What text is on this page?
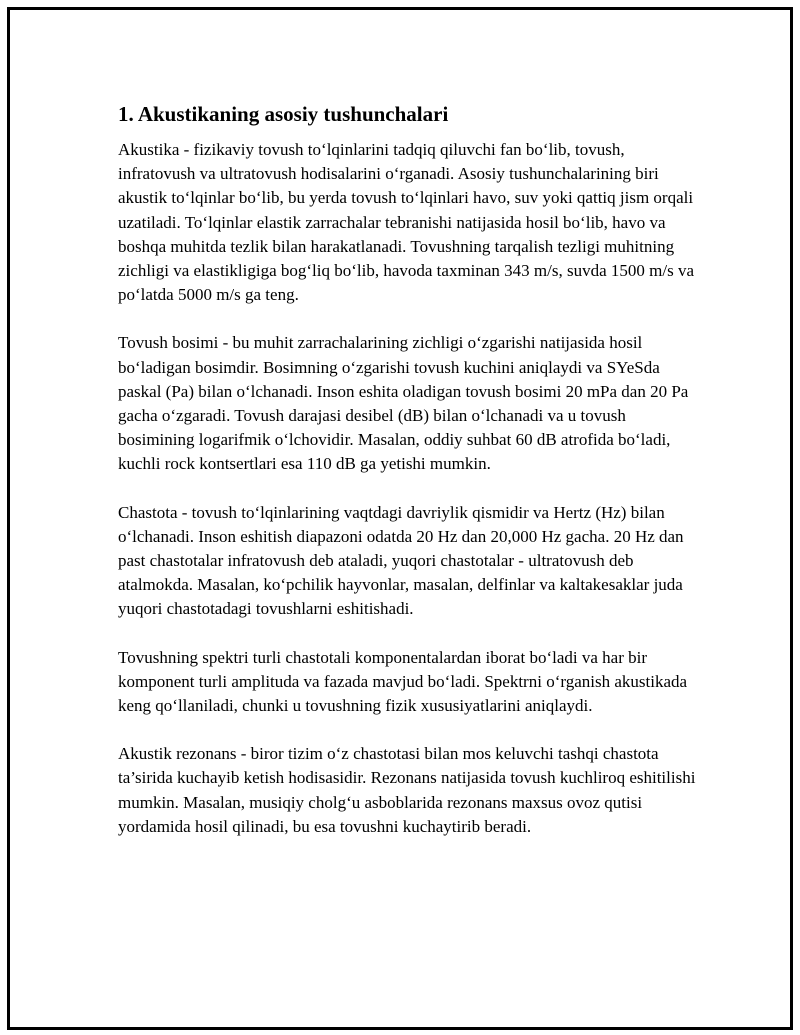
1. Akustikaning asosiy tushunchalari

Akustika - fizikaviy tovush to‘lqinlarini tadqiq qiluvchi fan bo‘lib, tovush, infratovush va ultratovush hodisalarini o‘rganadi. Asosiy tushunchalarining biri akustik to‘lqinlar bo‘lib, bu yerda tovush to‘lqinlari havo, suv yoki qattiq jism orqali uzatiladi. To‘lqinlar elastik zarrachalar tebranishi natijasida hosil bo‘lib, havo va boshqa muhitda tezlik bilan harakatlanadi. Tovushning tarqalish tezligi muhitning zichligi va elastikligiga bog‘liq bo‘lib, havoda taxminan 343 m/s, suvda 1500 m/s va po‘latda 5000 m/s ga teng.

Tovush bosimi - bu muhit zarrachalarining zichligi o‘zgarishi natijasida hosil bo‘ladigan bosimdir. Bosimning o‘zgarishi tovush kuchini aniqlaydi va SYeSda paskal (Pa) bilan o‘lchanadi. Inson eshita oladigan tovush bosimi 20 mPa dan 20 Pa gacha o‘zgaradi. Tovush darajasi desibel (dB) bilan o‘lchanadi va u tovush bosimining logarifmik o‘lchovidir. Masalan, oddiy suhbat 60 dB atrofida bo‘ladi, kuchli rock kontsertlari esa 110 dB ga yetishi mumkin.

Chastota - tovush to‘lqinlarining vaqtdagi davriylik qismidir va Hertz (Hz) bilan o‘lchanadi. Inson eshitish diapazoni odatda 20 Hz dan 20,000 Hz gacha. 20 Hz dan past chastotalar infratovush deb ataladi, yuqori chastotalar - ultratovush deb atalmokda. Masalan, ko‘pchilik hayvonlar, masalan, delfinlar va kaltakesaklar juda yuqori chastotadagi tovushlarni eshitishadi.

Tovushning spektri turli chastotali komponentalardan iborat bo‘ladi va har bir komponent turli amplituda va fazada mavjud bo‘ladi. Spektrni o‘rganish akustikada keng qo‘llaniladi, chunki u tovushning fizik xususiyatlarini aniqlaydi.

Akustik rezonans - biror tizim o‘z chastotasi bilan mos keluvchi tashqi chastota ta’sirida kuchayib ketish hodisasidir. Rezonans natijasida tovush kuchliroq eshitilishi mumkin. Masalan, musiqiy cholg‘u asboblarida rezonans maxsus ovoz qutisi yordamida hosil qilinadi, bu esa tovushni kuchaytirib beradi.
